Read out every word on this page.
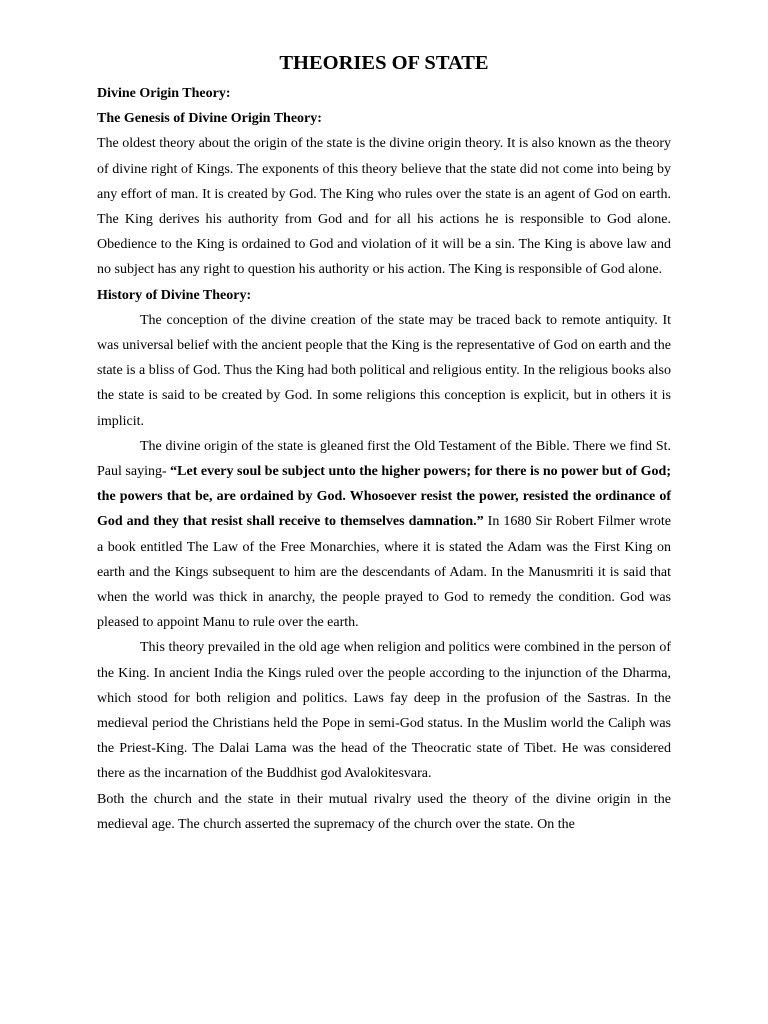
THEORIES OF STATE

Divine Origin Theory:

The Genesis of Divine Origin Theory:

The oldest theory about the origin of the state is the divine origin theory. It is also known as the theory of divine right of Kings. The exponents of this theory believe that the state did not come into being by any effort of man. It is created by God. The King who rules over the state is an agent of God on earth. The King derives his authority from God and for all his actions he is responsible to God alone. Obedience to the King is ordained to God and violation of it will be a sin. The King is above law and no subject has any right to question his authority or his action. The King is responsible of God alone.

History of Divine Theory:

The conception of the divine creation of the state may be traced back to remote antiquity. It was universal belief with the ancient people that the King is the representative of God on earth and the state is a bliss of God. Thus the King had both political and religious entity. In the religious books also the state is said to be created by God. In some religions this conception is explicit, but in others it is implicit.

The divine origin of the state is gleaned first the Old Testament of the Bible. There we find St. Paul saying- “Let every soul be subject unto the higher powers; for there is no power but of God; the powers that be, are ordained by God. Whosoever resist the power, resisted the ordinance of God and they that resist shall receive to themselves damnation.” In 1680 Sir Robert Filmer wrote a book entitled The Law of the Free Monarchies, where it is stated the Adam was the First King on earth and the Kings subsequent to him are the descendants of Adam. In the Manusmriti it is said that when the world was thick in anarchy, the people prayed to God to remedy the condition. God was pleased to appoint Manu to rule over the earth.

This theory prevailed in the old age when religion and politics were combined in the person of the King. In ancient India the Kings ruled over the people according to the injunction of the Dharma, which stood for both religion and politics. Laws fay deep in the profusion of the Sastras. In the medieval period the Christians held the Pope in semi-God status. In the Muslim world the Caliph was the Priest-King. The Dalai Lama was the head of the Theocratic state of Tibet. He was considered there as the incarnation of the Buddhist god Avalokitesvara.

Both the church and the state in their mutual rivalry used the theory of the divine origin in the medieval age. The church asserted the supremacy of the church over the state. On the
